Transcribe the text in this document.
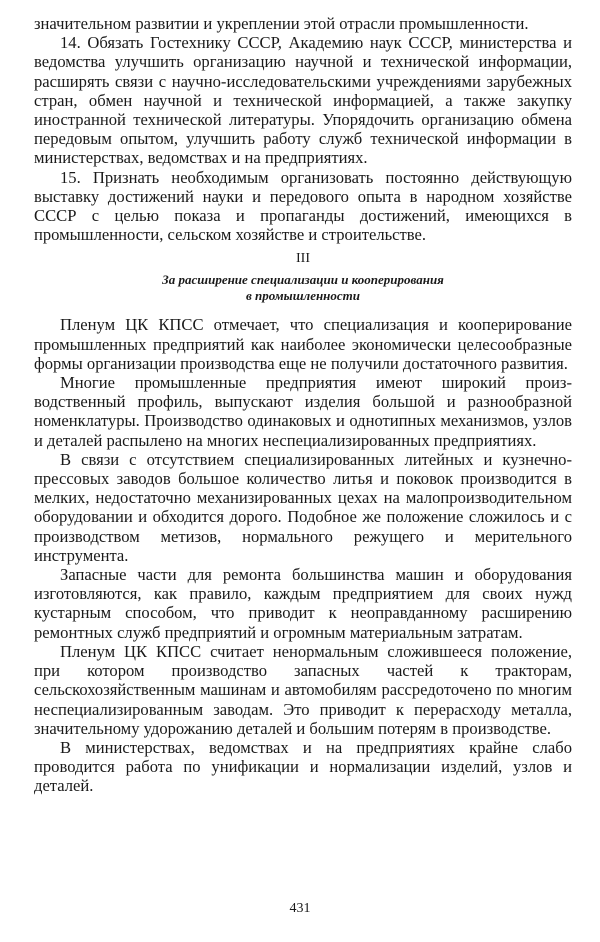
значительном развитии и укреплении этой отрасли промышленности.

14. Обязать Гостехнику СССР, Академию наук СССР, министерства и ведомства улучшить организацию научной и технической информации, расширять связи с научно-исследовательскими учреждениями зарубежных стран, обмен научной и технической информацией, а также закупку иностранной технической литературы. Упорядочить организацию обмена передовым опытом, улучшить работу служб технической информации в министерствах, ведомствах и на предприятиях.

15. Признать необходимым организовать постоянно действующую выставку достижений науки и передового опыта в народном хозяйстве СССР с целью показа и пропаганды достижений, имеющихся в промышленности, сельском хозяйстве и строительстве.

III
За расширение специализации и кооперирования
в промышленности

Пленум ЦК КПСС отмечает, что специализация и кооперирование промышленных предприятий как наиболее экономически целесообразные формы организации производства еще не получили достаточного развития.

Многие промышленные предприятия имеют широкий производственный профиль, выпускают изделия большой и разнообразной номенклатуры. Производство одинаковых и однотипных механизмов, узлов и деталей распылено на многих неспециализированных предприятиях.

В связи с отсутствием специализированных литейных и кузнечно-прессовых заводов большое количество литья и поковок производится в мелких, недостаточно механизированных цехах на малопроизводительном оборудовании и обходится дорого. Подобное же положение сложилось и с производством метизов, нормального режущего и мерительного инструмента.

Запасные части для ремонта большинства машин и оборудования изготовляются, как правило, каждым предприятием для своих нужд кустарным способом, что приводит к неоправданному расширению ремонтных служб предприятий и огромным материальным затратам.

Пленум ЦК КПСС считает ненормальным сложившееся положение, при котором производство запасных частей к тракторам, сельскохозяйственным машинам и автомобилям рассредоточено по многим неспециализированным заводам. Это приводит к перерасходу металла, значительному удорожанию деталей и большим потерям в производстве.

В министерствах, ведомствах и на предприятиях крайне слабо проводится работа по унификации и нормализации изделий, узлов и деталей.

431
